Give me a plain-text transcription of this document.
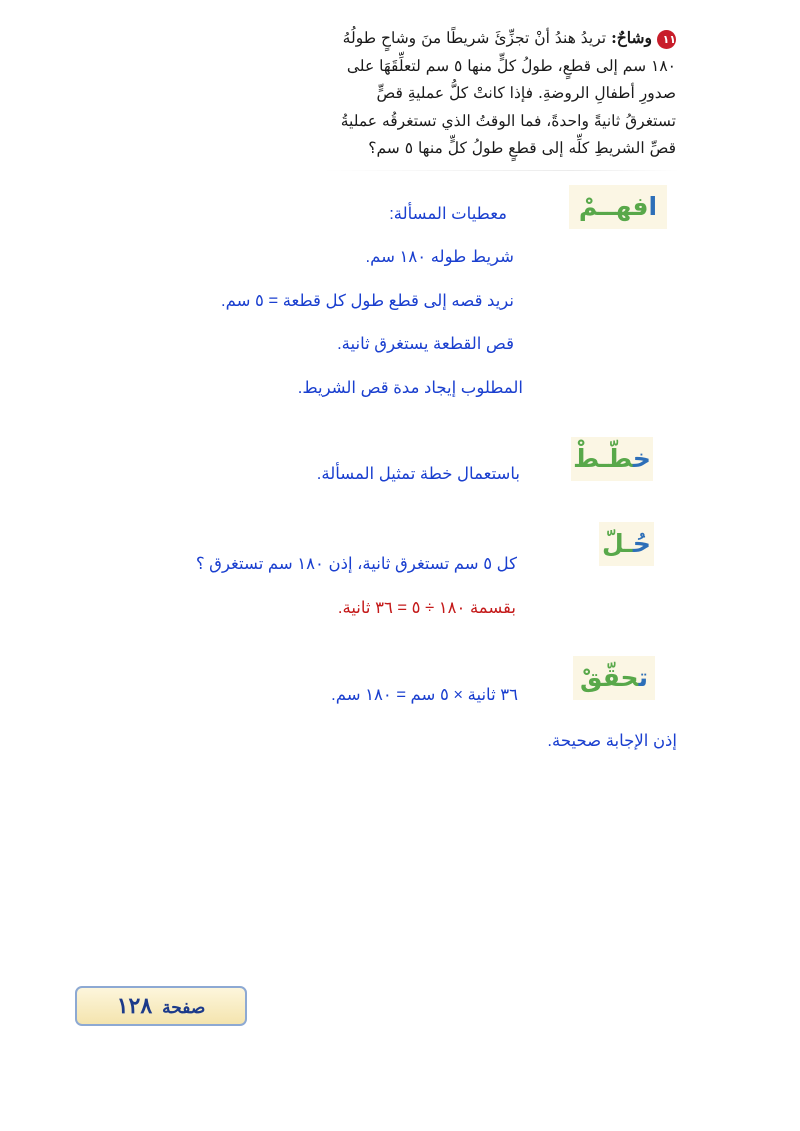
١١وشاحٌ: تريدُ هندُ أنْ تجزِّئَ شريطًا منَ وشاحٍ طولُهُ
١٨٠ سم إلى قطعٍ، طولُ كلٍّ منها ٥ سم لتعلِّقَهَا على
صدورِ أطفالِ الروضةِ. فإذا كانتْ كلُّ عمليةِ قصٍّ
تستغرقُ ثانيةً واحدةً، فما الوقتُ الذي تستغرقُه عمليةُ
قصِّ الشريطِ كلِّه إلى قطعٍ طولُ كلٍّ منها ٥ سم؟
افهــمْ
معطيات المسألة:
شريط طوله ١٨٠ سم.
نريد قصه إلى قطع طول كل قطعة = ٥ سم.
قص القطعة يستغرق ثانية.
المطلوب إيجاد مدة قص الشريط.
خطّـطْ
باستعمال خطة تمثيل المسألة.
حُـلّ
كل ٥ سم تستغرق ثانية، إذن ١٨٠ سم تستغرق ؟
بقسمة ١٨٠ ÷ ٥ = ٣٦ ثانية.
تحقّقْ
٣٦ ثانية × ٥ سم = ١٨٠ سم.
إذن الإجابة صحيحة.
صفحة١٢٨
